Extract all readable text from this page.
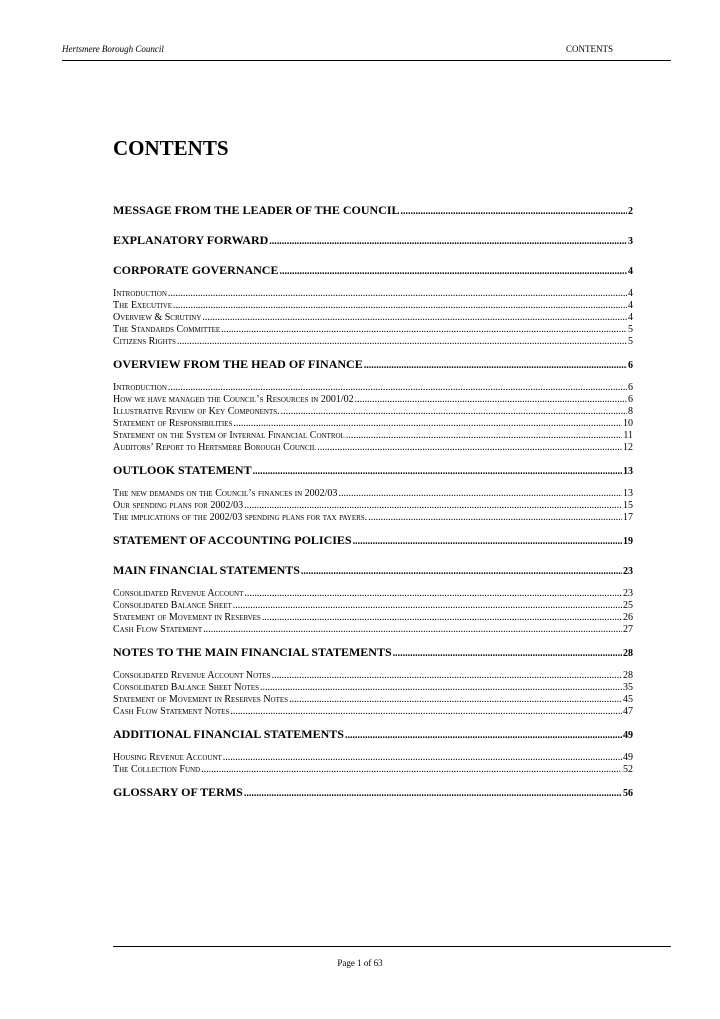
Hertsmere Borough Council	CONTENTS
CONTENTS
MESSAGE FROM THE LEADER OF THE COUNCIL .....	2
EXPLANATORY FORWARD .....	3
CORPORATE GOVERNANCE .....	4
Introduction .....	4
The Executive .....	4
Overview & Scrutiny .....	4
The Standards Committee .....	5
Citizens Rights .....	5
OVERVIEW FROM THE HEAD OF FINANCE .....	6
Introduction .....	6
How we have managed the Council’s Resources in 2001/02 .....	6
Illustrative Review of Key Components. .....	8
Statement of Responsibilities .....	10
Statement on the System of Internal Financial Control .....	11
Auditors’ Report to Hertsmere Borough Council .....	12
OUTLOOK STATEMENT .....	13
The new demands on the Council’s finances in 2002/03 .....	13
Our spending plans for 2002/03 .....	15
The implications of the 2002/03 spending plans for tax payers. .....	17
STATEMENT OF ACCOUNTING POLICIES .....	19
MAIN FINANCIAL STATEMENTS .....	23
Consolidated Revenue Account .....	23
Consolidated Balance Sheet .....	25
Statement of Movement in Reserves .....	26
Cash Flow Statement .....	27
NOTES TO THE MAIN FINANCIAL STATEMENTS .....	28
Consolidated Revenue Account Notes .....	28
Consolidated Balance Sheet Notes .....	35
Statement of Movement in Reserves Notes .....	45
Cash Flow Statement Notes .....	47
ADDITIONAL FINANCIAL STATEMENTS .....	49
Housing Revenue Account .....	49
The Collection Fund .....	52
GLOSSARY OF TERMS .....	56
Page 1 of 63
